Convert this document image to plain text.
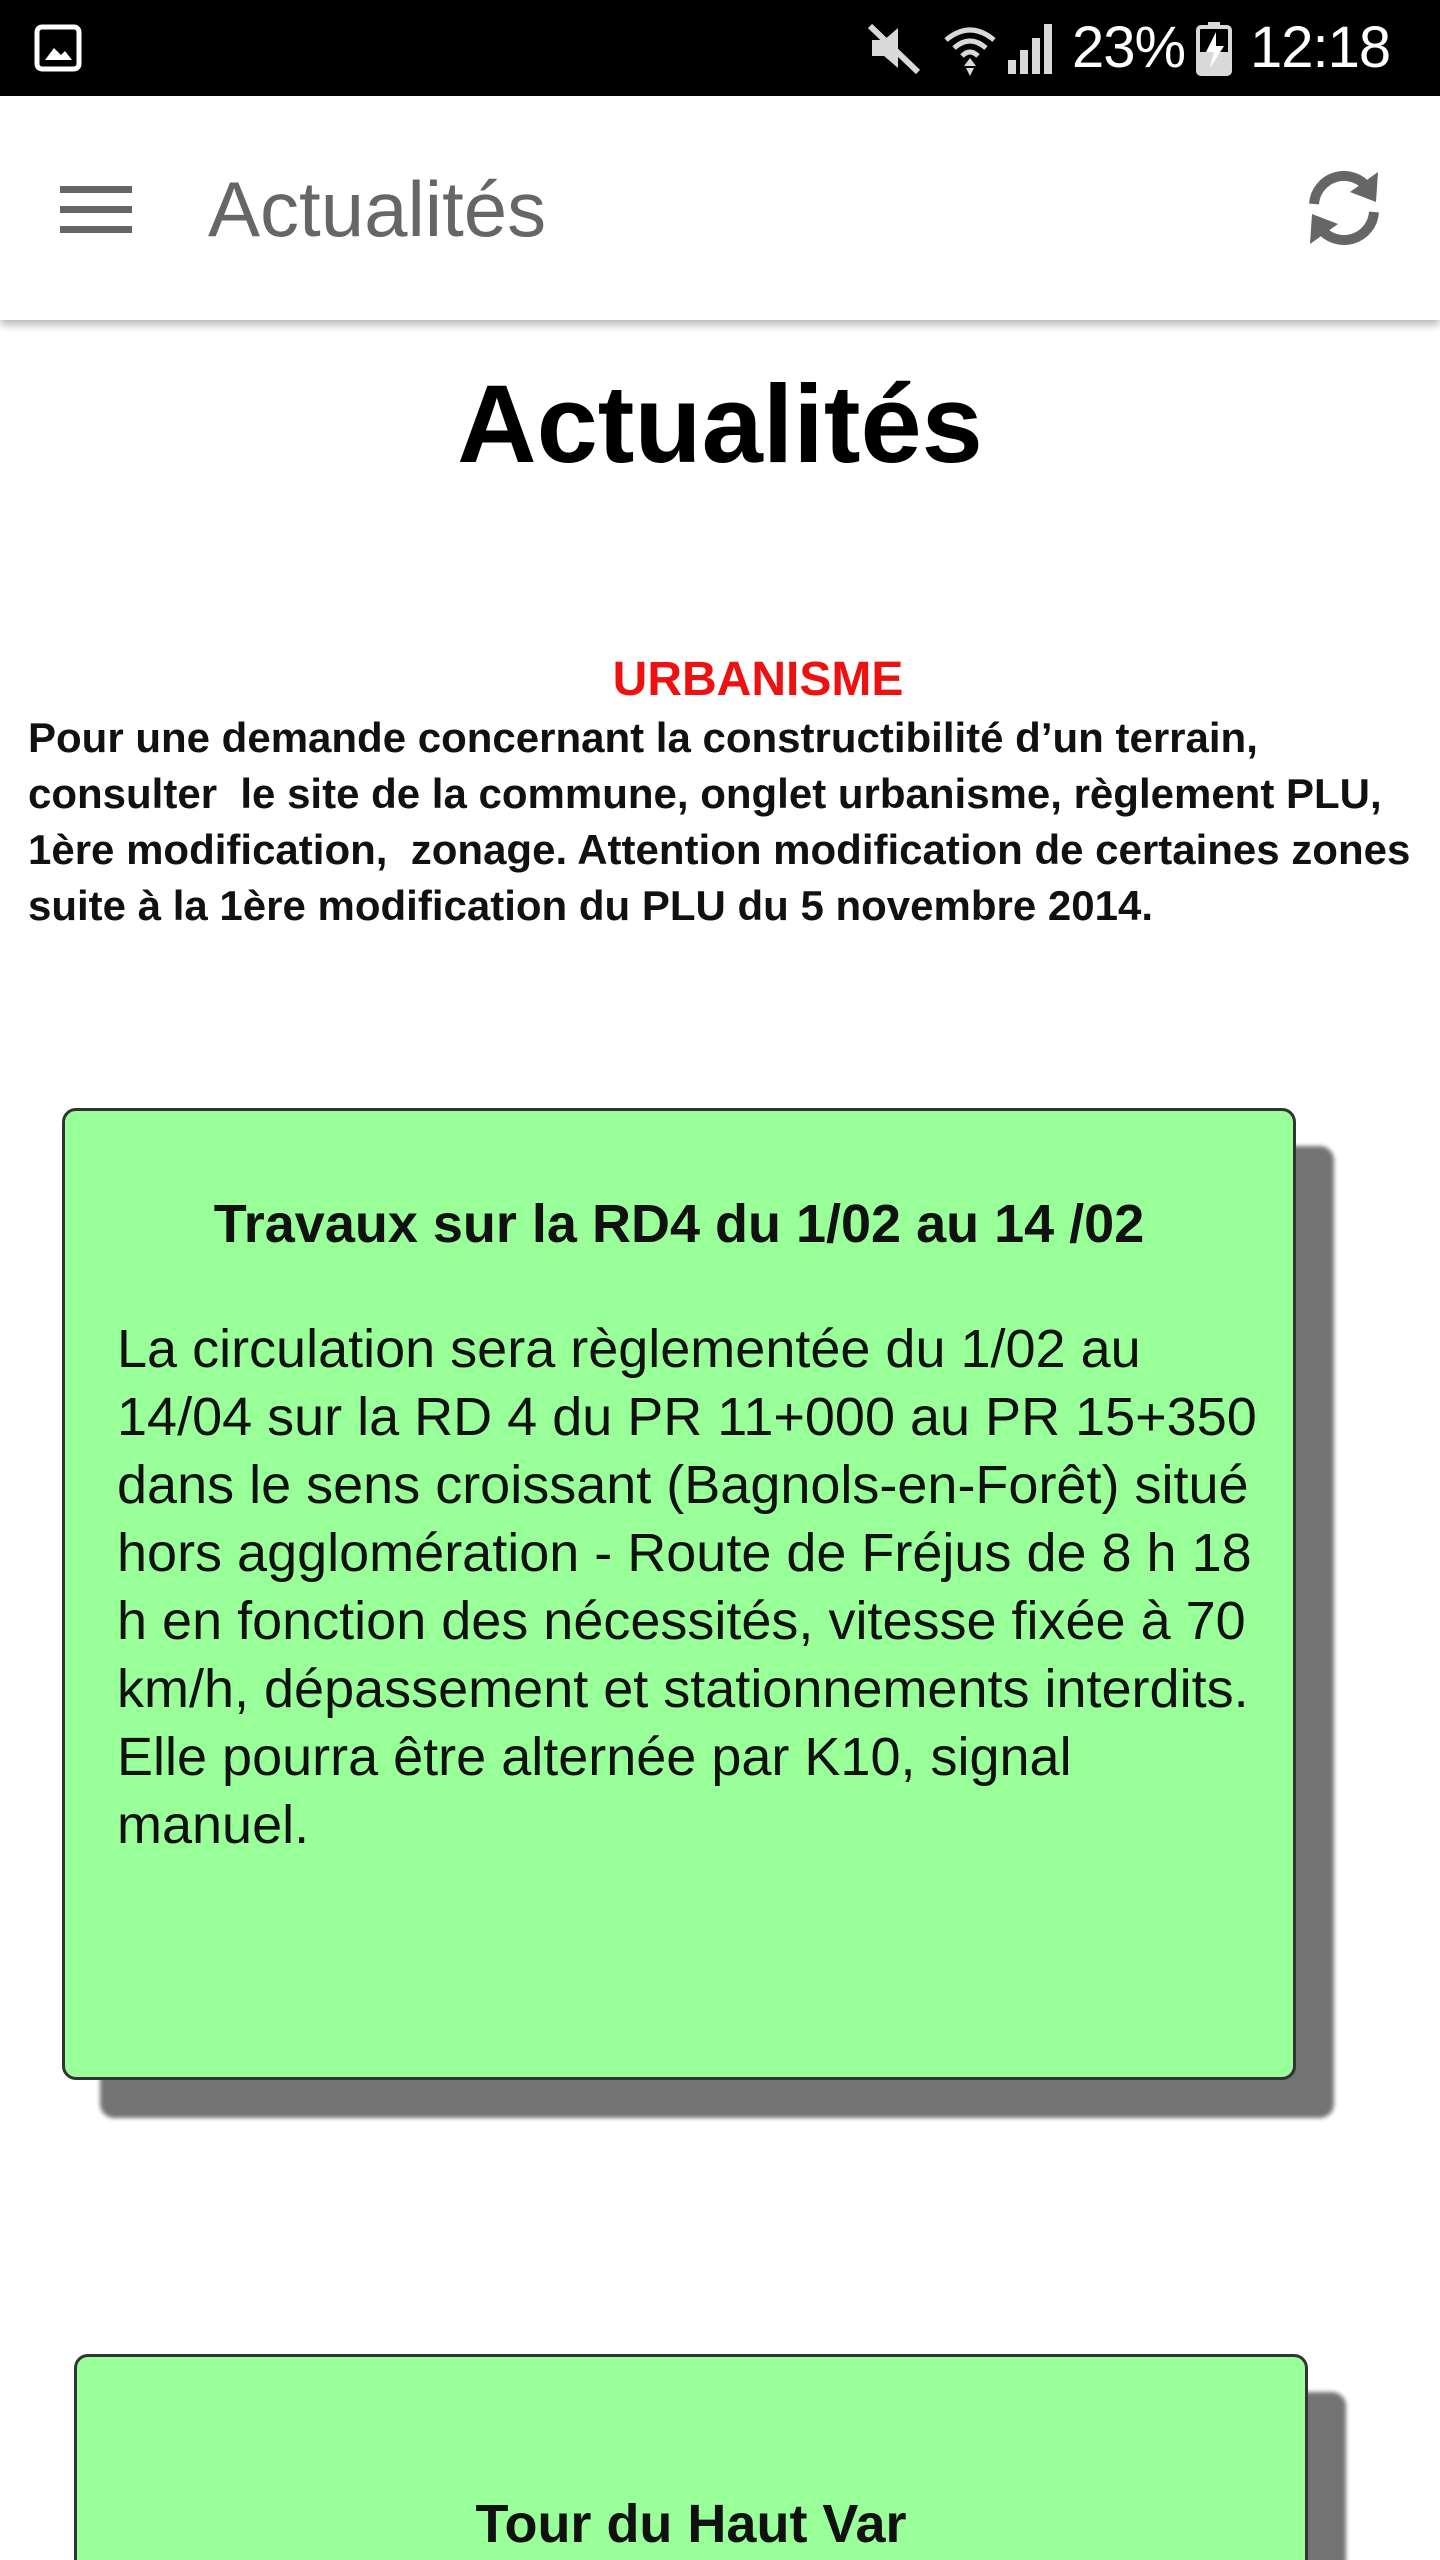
23% 12:18
Actualités
Actualités
URBANISME
Pour une demande concernant la constructibilité d’un terrain, consulter  le site de la commune, onglet urbanisme, règlement PLU, 1ère modification,  zonage. Attention modification de certaines zones suite à la 1ère modification du PLU du 5 novembre 2014.
Travaux sur la RD4 du 1/02 au 14 /02
La circulation sera règlementée du 1/02 au 14/04 sur la RD 4 du PR 11+000 au PR 15+350 dans le sens croissant (Bagnols-en-Forêt) situé hors agglomération - Route de Fréjus de 8 h 18 h en fonction des nécessités, vitesse fixée à 70 km/h, dépassement et stationnements interdits. Elle pourra être alternée par K10, signal manuel.
Tour du Haut Var
